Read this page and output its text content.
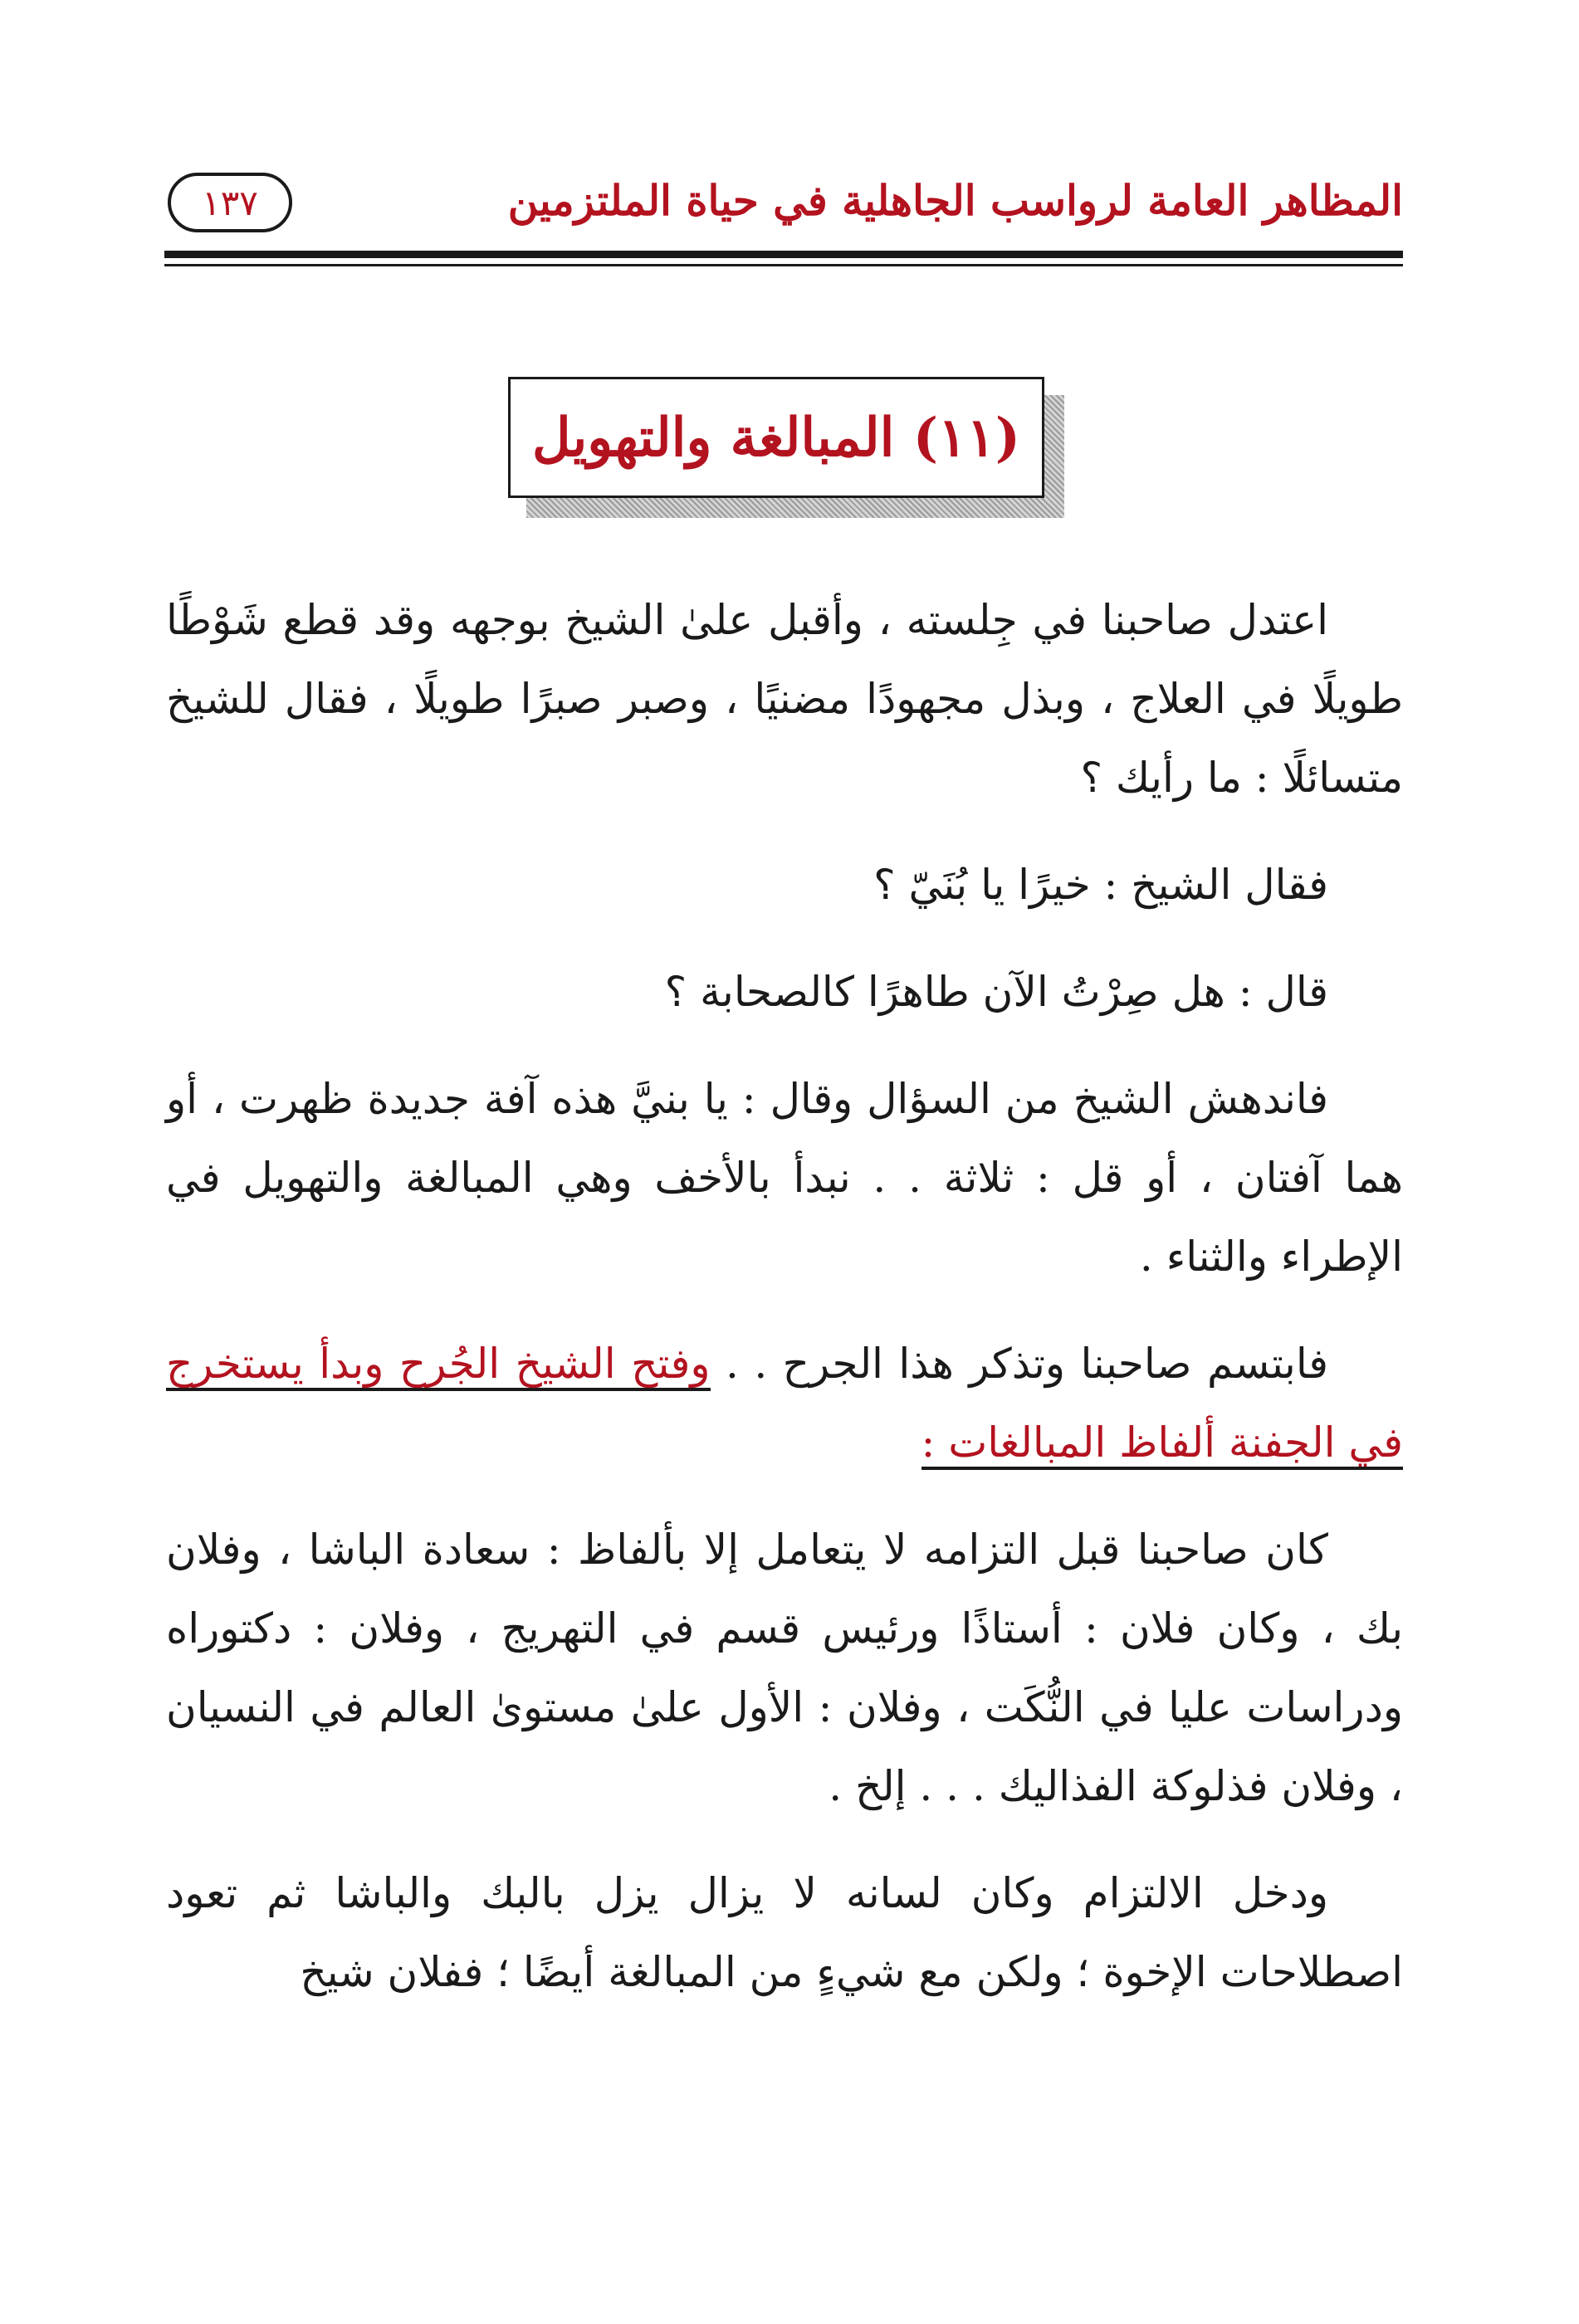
المظاهر العامة لرواسب الجاهلية في حياة الملتزمين
١٣٧
(١١) المبالغة والتهويل

اعتدل صاحبنا في جِلسته ، وأقبل علىٰ الشيخ بوجهه وقد قطع شَوْطًا طويلًا في العلاج ، وبذل مجهودًا مضنيًا ، وصبر صبرًا طويلًا ، فقال للشيخ متسائلًا : ما رأيك ؟

فقال الشيخ : خيرًا يا بُنَيّ ؟

قال : هل صِرْتُ الآن طاهرًا كالصحابة ؟

فاندهش الشيخ من السؤال وقال : يا بنيَّ هذه آفة جديدة ظهرت ، أو هما آفتان ، أو قل : ثلاثة . . نبدأ بالأخف وهي المبالغة والتهويل في الإطراء والثناء .

فابتسم صاحبنا وتذكر هذا الجرح . . وفتح الشيخ الجُرح وبدأ يستخرج في الجفنة ألفاظ المبالغات :

كان صاحبنا قبل التزامه لا يتعامل إلا بألفاظ : سعادة الباشا ، وفلان بك ، وكان فلان : أستاذًا ورئيس قسم في التهريج ، وفلان : دكتوراه ودراسات عليا في النُّكَت ، وفلان : الأول علىٰ مستوىٰ العالم في النسيان ، وفلان فذلوكة الفذاليك . . . إلخ .

ودخل الالتزام وكان لسانه لا يزال يزل بالبك والباشا ثم تعود اصطلاحات الإخوة ؛ ولكن مع شيءٍ من المبالغة أيضًا ؛ ففلان شيخ
